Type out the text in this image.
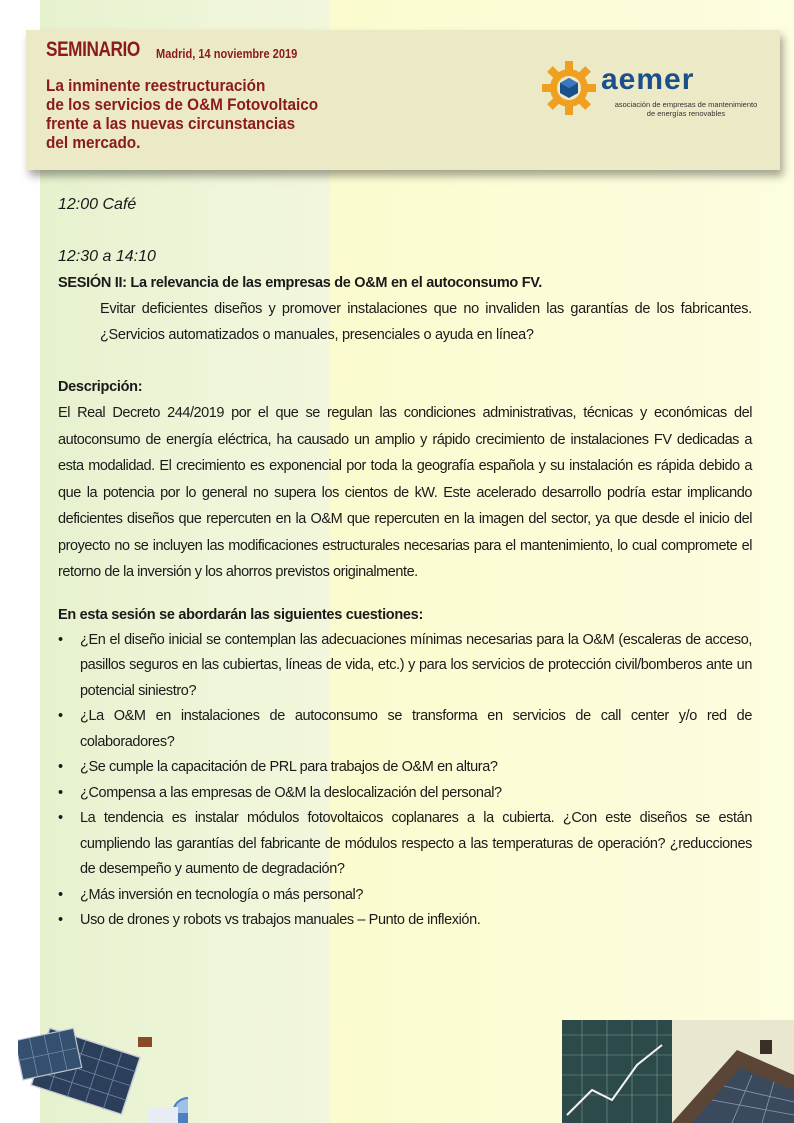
SEMINARIO Madrid, 14 noviembre 2019
La inminente reestructuración
de los servicios de O&M Fotovoltaico
frente a las nuevas circunstancias
del mercado.
aemer
asociación de empresas de mantenimiento
de energías renovables

12:00 Café

12:30 a 14:10

SESIÓN II: La relevancia de las empresas de O&M en el autoconsumo FV.

Evitar deficientes diseños y promover instalaciones que no invaliden las garantías de los fabricantes. ¿Servicios automatizados o manuales, presenciales o ayuda en línea?

Descripción:

El Real Decreto 244/2019 por el que se regulan las condiciones administrativas, técnicas y económicas del autoconsumo de energía eléctrica, ha causado un amplio y rápido crecimiento de instalaciones FV dedicadas a esta modalidad. El crecimiento es exponencial por toda la geografía española y su instalación es rápida debido a que la potencia por lo general no supera los cientos de kW. Este acelerado desarrollo podría estar implicando deficientes diseños que repercuten en la O&M que repercuten en la imagen del sector, ya que desde el inicio del proyecto no se incluyen las modificaciones estructurales necesarias para el mantenimiento, lo cual compromete el retorno de la inversión y los ahorros previstos originalmente.

En esta sesión se abordarán las siguientes cuestiones:

• ¿En el diseño inicial se contemplan las adecuaciones mínimas necesarias para la O&M (escaleras de acceso, pasillos seguros en las cubiertas, líneas de vida, etc.) y para los servicios de protección civil/bomberos ante un potencial siniestro?
• ¿La O&M en instalaciones de autoconsumo se transforma en servicios de call center y/o red de colaboradores?
• ¿Se cumple la capacitación de PRL para trabajos de O&M en altura?
• ¿Compensa a las empresas de O&M la deslocalización del personal?
• La tendencia es instalar módulos fotovoltaicos coplanares a la cubierta. ¿Con este diseños se están cumpliendo las garantías del fabricante de módulos respecto a las temperaturas de operación? ¿reducciones de desempeño y aumento de degradación?
• ¿Más inversión en tecnología o más personal?
• Uso de drones y robots vs trabajos manuales – Punto de inflexión.
